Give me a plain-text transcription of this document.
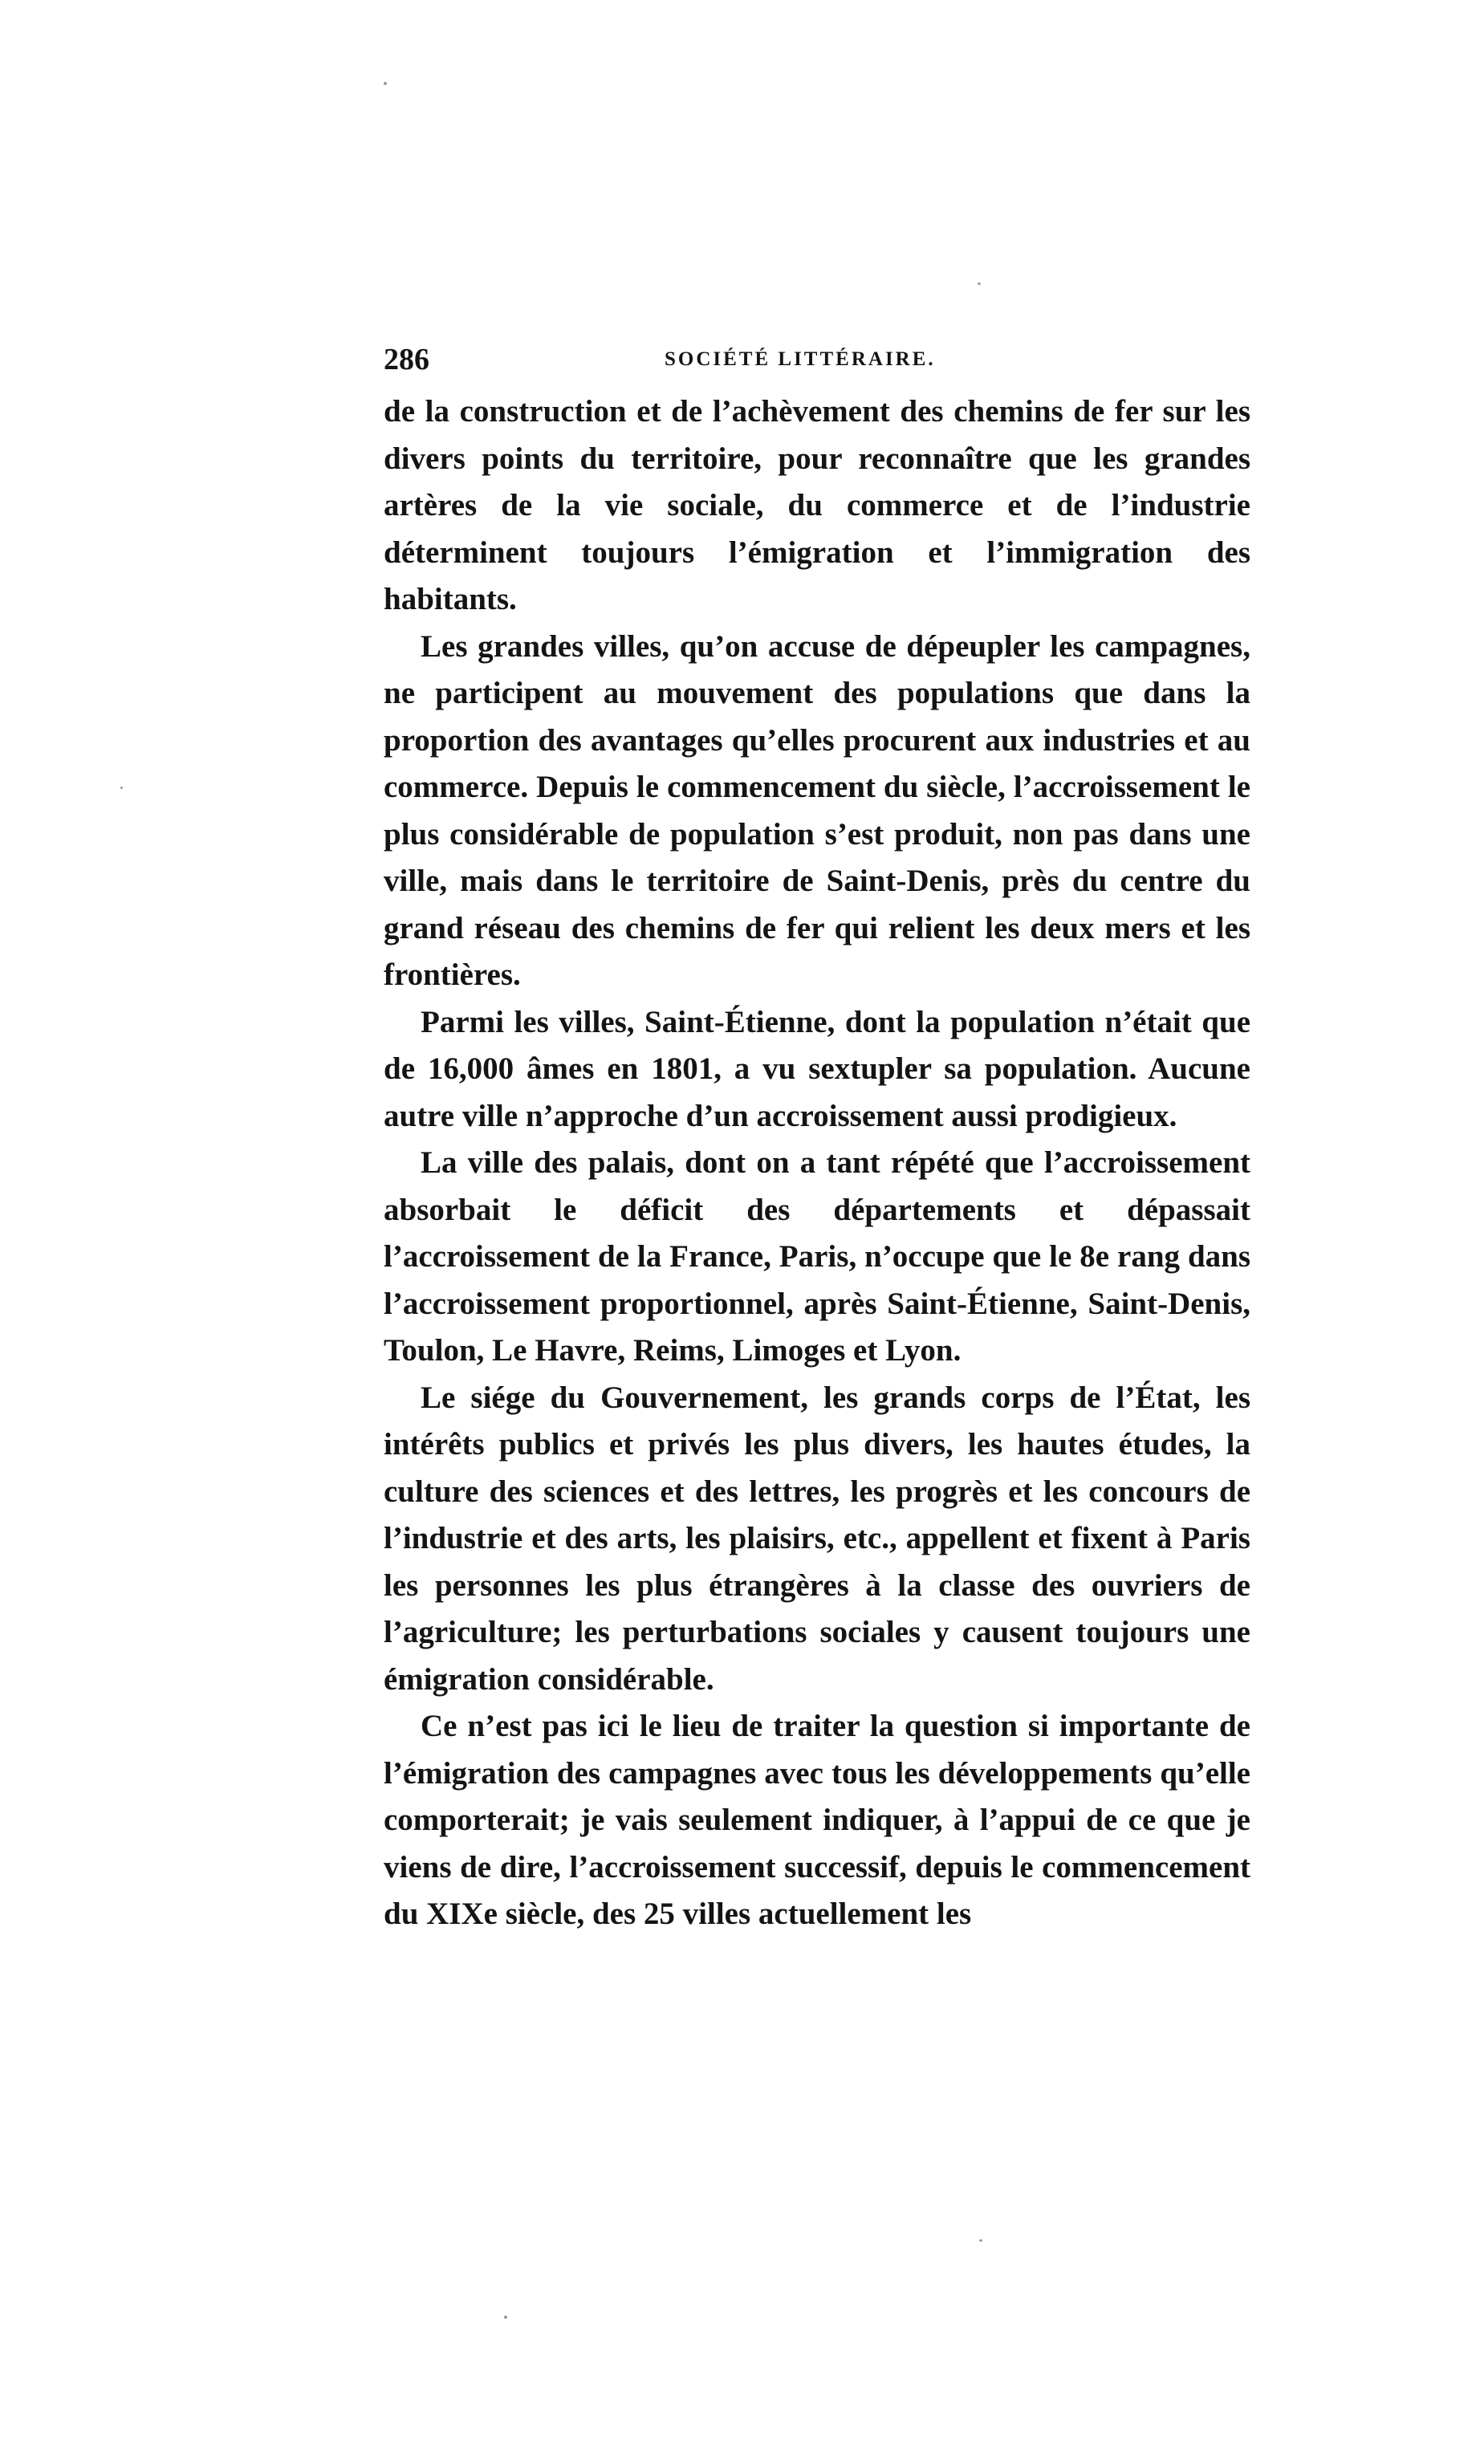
286	SOCIÉTÉ LITTÉRAIRE.

de la construction et de l’achèvement des chemins de fer sur les divers points du territoire, pour reconnaître que les grandes artères de la vie sociale, du commerce et de l’industrie déterminent toujours l’émigration et l’immigration des habitants.

Les grandes villes, qu’on accuse de dépeupler les campagnes, ne participent au mouvement des populations que dans la proportion des avantages qu’elles procurent aux industries et au commerce. Depuis le commencement du siècle, l’accroissement le plus considérable de population s’est produit, non pas dans une ville, mais dans le territoire de Saint-Denis, près du centre du grand réseau des chemins de fer qui relient les deux mers et les frontières.

Parmi les villes, Saint-Étienne, dont la population n’était que de 16,000 âmes en 1801, a vu sextupler sa population. Aucune autre ville n’approche d’un accroissement aussi prodigieux.

La ville des palais, dont on a tant répété que l’accroissement absorbait le déficit des départements et dépassait l’accroissement de la France, Paris, n’occupe que le 8e rang dans l’accroissement proportionnel, après Saint-Étienne, Saint-Denis, Toulon, Le Havre, Reims, Limoges et Lyon.

Le siége du Gouvernement, les grands corps de l’État, les intérêts publics et privés les plus divers, les hautes études, la culture des sciences et des lettres, les progrès et les concours de l’industrie et des arts, les plaisirs, etc., appellent et fixent à Paris les personnes les plus étrangères à la classe des ouvriers de l’agriculture; les perturbations sociales y causent toujours une émigration considérable.

Ce n’est pas ici le lieu de traiter la question si importante de l’émigration des campagnes avec tous les développements qu’elle comporterait; je vais seulement indiquer, à l’appui de ce que je viens de dire, l’accroissement successif, depuis le commencement du XIXe siècle, des 25 villes actuellement les
